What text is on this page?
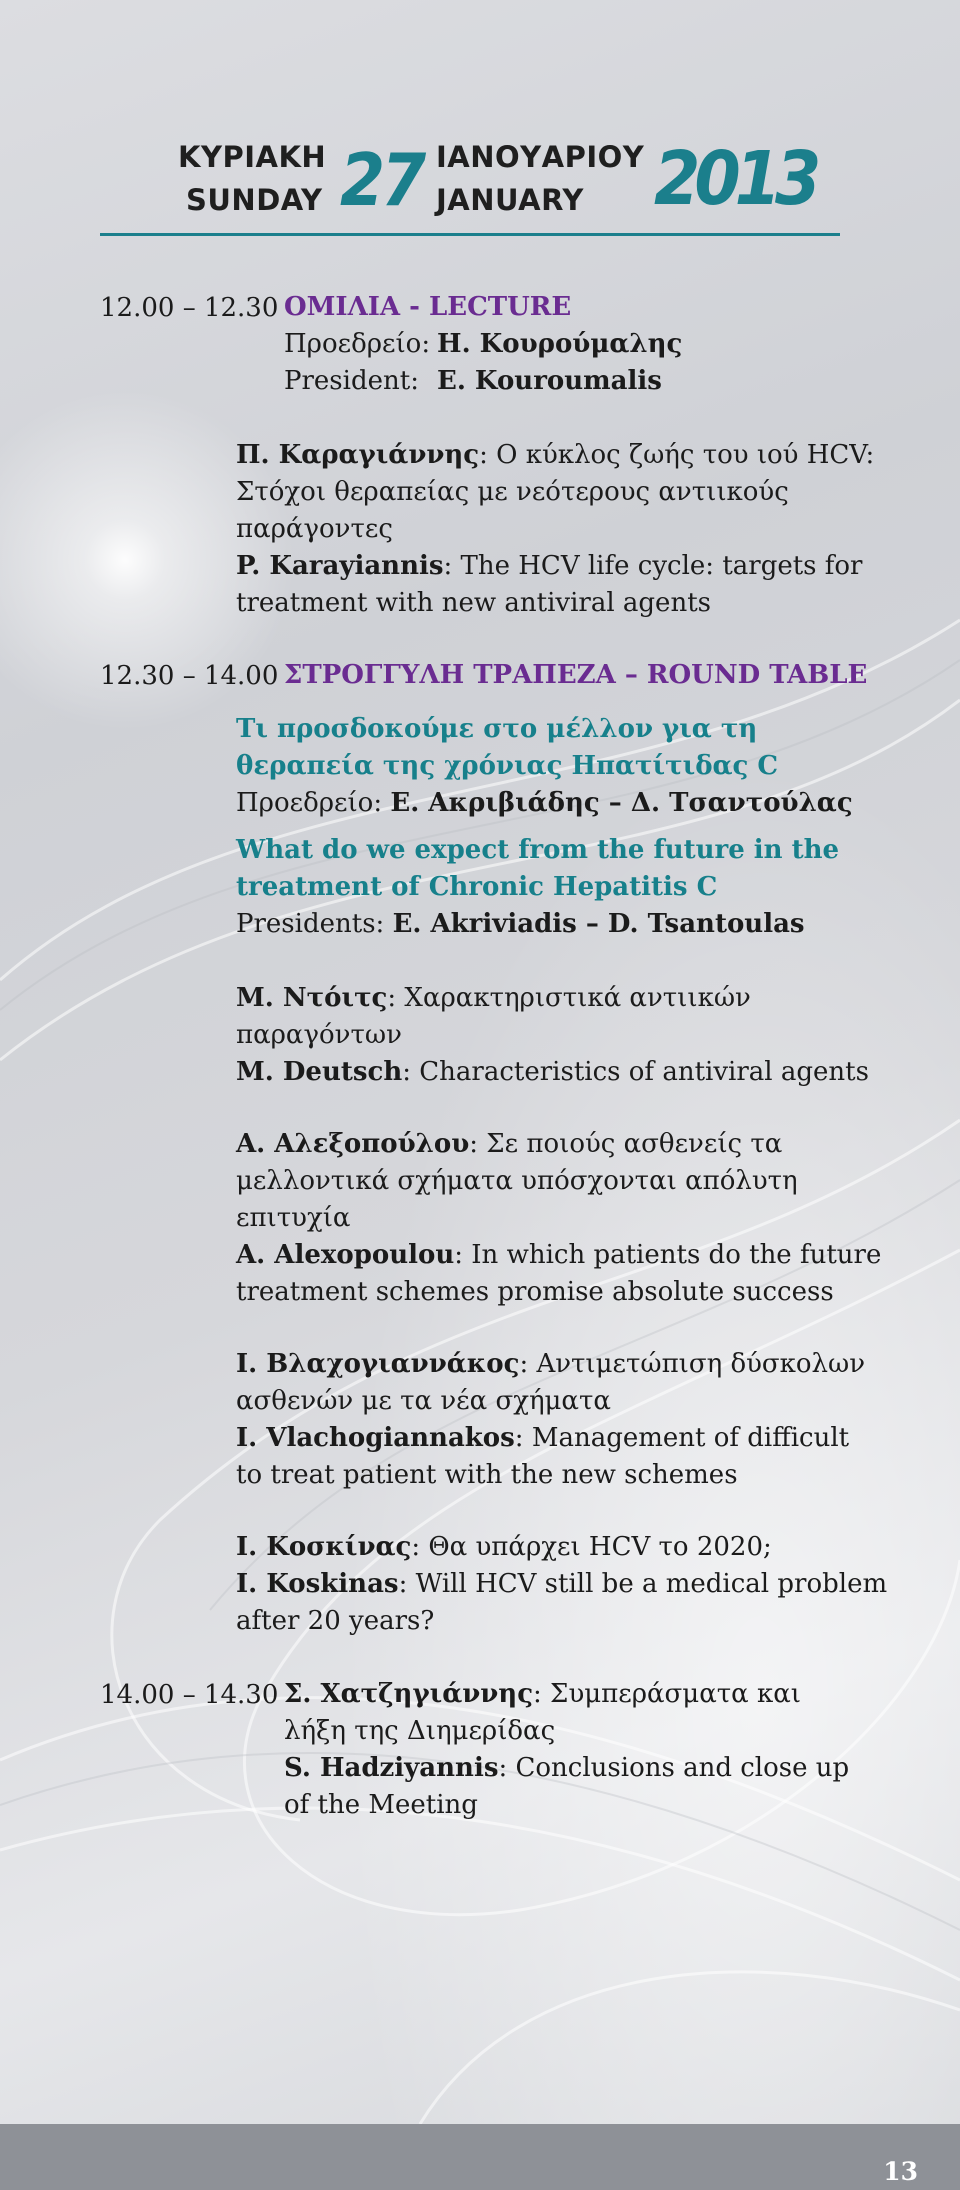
ΚΥΡΙΑΚΗ
SUNDAY 27 ΙΑΝΟΥΑΡΙΟΥ
JANUARY 2013
12.00 – 12.30 ΟΜΙΛΙΑ - LECTURE
Προεδρείο: Η. Κουρούμαλης
President: E. Kouroumalis
Π. Καραγιάννης: Ο κύκλος ζωής του ιού HCV:
Στόχοι θεραπείας με νεότερους αντιικούς
παράγοντες
P. Karayiannis: The HCV life cycle: targets for
treatment with new antiviral agents
12.30 – 14.00 ΣΤΡΟΓΓΥΛΗ ΤΡΑΠΕΖΑ – ROUND TABLE
Τι προσδοκούμε στο μέλλον για τη
θεραπεία της χρόνιας Ηπατίτιδας C
Προεδρείο: Ε. Ακριβιάδης – Δ. Τσαντούλας
What do we expect from the future in the
treatment of Chronic Hepatitis C
Presidents: E. Akriviadis – D. Tsantoulas
Μ. Ντόιτς: Χαρακτηριστικά αντιικών
παραγόντων
M. Deutsch: Characteristics of antiviral agents
Α. Αλεξοπούλου: Σε ποιούς ασθενείς τα
μελλοντικά σχήματα υπόσχονται απόλυτη
επιτυχία
A. Alexopoulou: In which patients do the future
treatment schemes promise absolute success
Ι. Βλαχογιαννάκος: Αντιμετώπιση δύσκολων
ασθενών με τα νέα σχήματα
I. Vlachogiannakos: Management of difficult
to treat patient with the new schemes
Ι. Κοσκίνας: Θα υπάρχει HCV το 2020;
I. Koskinas: Will HCV still be a medical problem
after 20 years?
14.00 – 14.30 Σ. Χατζηγιάννης: Συμπεράσματα και
λήξη της Διημερίδας
S. Hadziyannis: Conclusions and close up
of the Meeting
13
